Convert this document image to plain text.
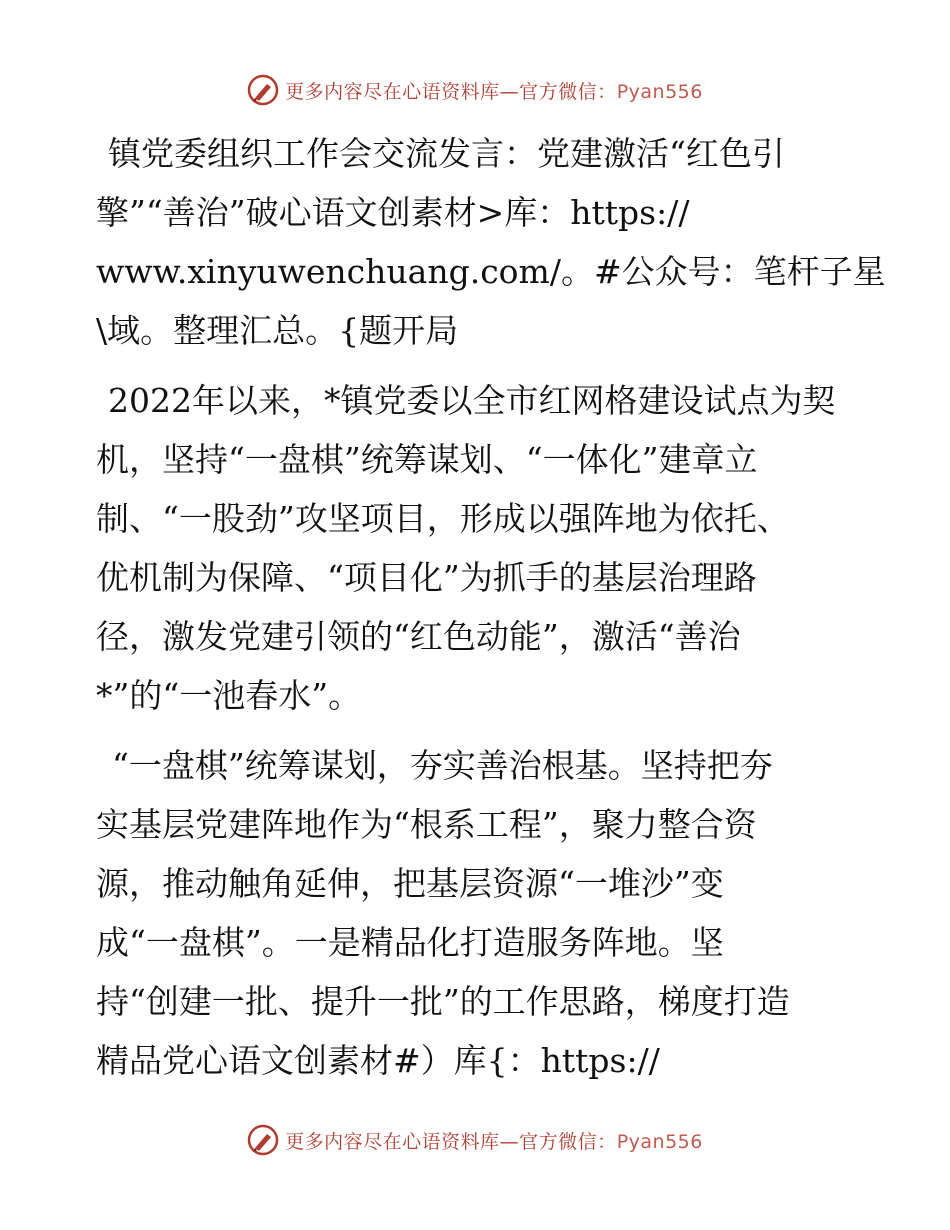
更多内容尽在心语资料库—官方微信：Pyan556

镇党委组织工作会交流发言：党建激活“红色引
擎”“善治”破心语文创素材>库：https://
www.xinyuwenchuang.com/。#公众号：笔杆子星
\域。整理汇总。{题开局

2022年以来，*镇党委以全市红网格建设试点为契
机，坚持“一盘棋”统筹谋划、“一体化”建章立
制、“一股劲”攻坚项目，形成以强阵地为依托、
优机制为保障、“项目化”为抓手的基层治理路
径，激发党建引领的“红色动能”，激活“善治
*”的“一池春水”。

“一盘棋”统筹谋划，夯实善治根基。坚持把夯
实基层党建阵地作为“根系工程”，聚力整合资
源，推动触角延伸，把基层资源“一堆沙”变
成“一盘棋”。一是精品化打造服务阵地。坚
持“创建一批、提升一批”的工作思路，梯度打造
精品党心语文创素材#）库{：https://

更多内容尽在心语资料库—官方微信：Pyan556
